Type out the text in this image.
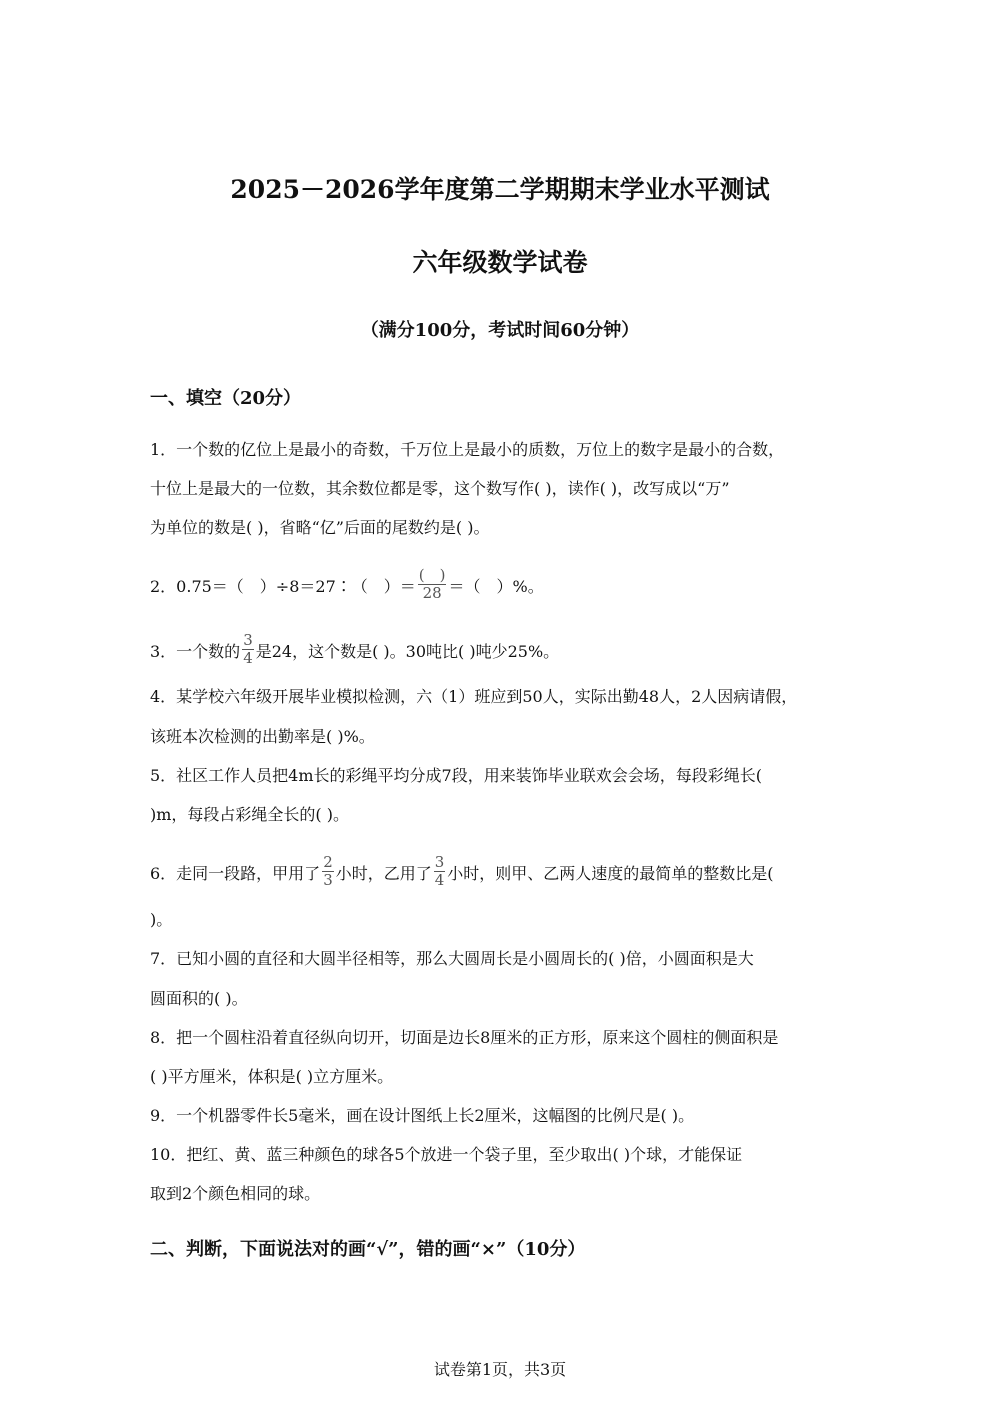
2025－2026学年度第二学期期末学业水平测试
六年级数学试卷
（满分100分，考试时间60分钟）
一、填空（20分）
1．一个数的亿位上是最小的奇数，千万位上是最小的质数，万位上的数字是最小的合数，
十位上是最大的一位数，其余数位都是零，这个数写作( )，读作( )，改写成以“万”
为单位的数是( )，省略“亿”后面的尾数约是( )。
2．0.75＝（　）÷8＝27∶（　）＝ $\frac{( )}{28}$ ＝（　）%。
3．一个数的 $\frac{3}{4}$ 是24，这个数是( )。30吨比( )吨少25%。
4．某学校六年级开展毕业模拟检测，六（1）班应到50人，实际出勤48人，2人因病请假，
该班本次检测的出勤率是( )%。
5．社区工作人员把4m长的彩绳平均分成7段，用来装饰毕业联欢会会场，每段彩绳长(
)m，每段占彩绳全长的( )。
6．走同一段路，甲用了 $\frac{2}{3}$ 小时，乙用了 $\frac{3}{4}$ 小时，则甲、乙两人速度的最简单的整数比是(
)。
7．已知小圆的直径和大圆半径相等，那么大圆周长是小圆周长的( )倍，小圆面积是大
圆面积的( )。
8．把一个圆柱沿着直径纵向切开，切面是边长8厘米的正方形，原来这个圆柱的侧面积是
( )平方厘米，体积是( )立方厘米。
9．一个机器零件长5毫米，画在设计图纸上长2厘米，这幅图的比例尺是( )。
10．把红、黄、蓝三种颜色的球各5个放进一个袋子里，至少取出( )个球，才能保证
取到2个颜色相同的球。
二、判断，下面说法对的画“√”，错的画“×”（10分）
试卷第1页，共3页
